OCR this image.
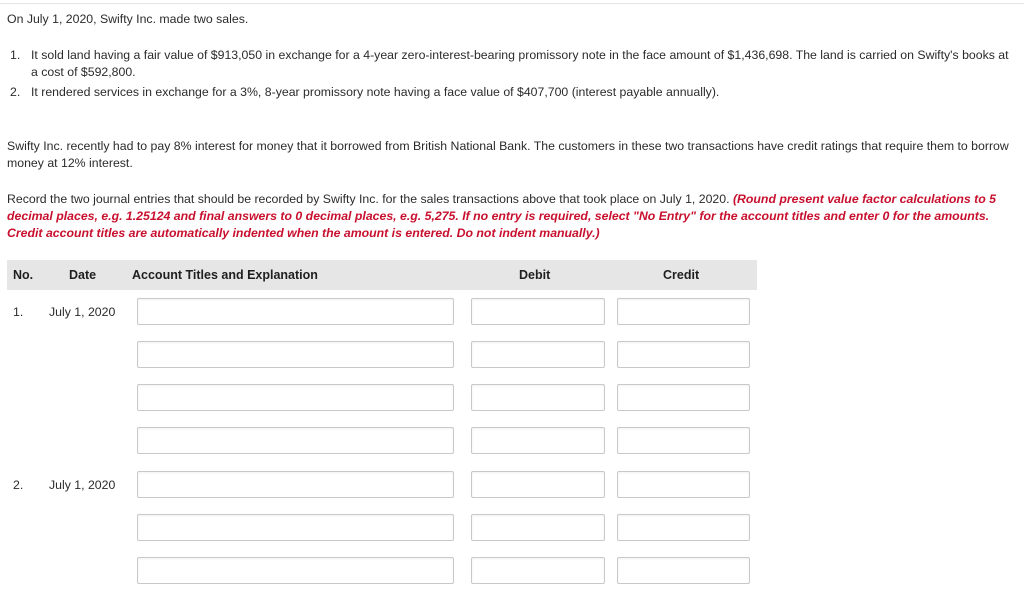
On July 1, 2020, Swifty Inc. made two sales.
1. It sold land having a fair value of $913,050 in exchange for a 4-year zero-interest-bearing promissory note in the face amount of $1,436,698. The land is carried on Swifty's books at a cost of $592,800.
2. It rendered services in exchange for a 3%, 8-year promissory note having a face value of $407,700 (interest payable annually).
Swifty Inc. recently had to pay 8% interest for money that it borrowed from British National Bank. The customers in these two transactions have credit ratings that require them to borrow money at 12% interest.
Record the two journal entries that should be recorded by Swifty Inc. for the sales transactions above that took place on July 1, 2020. (Round present value factor calculations to 5 decimal places, e.g. 1.25124 and final answers to 0 decimal places, e.g. 5,275. If no entry is required, select "No Entry" for the account titles and enter 0 for the amounts. Credit account titles are automatically indented when the amount is entered. Do not indent manually.)
No.	Date	Account Titles and Explanation	Debit	Credit
1. July 1, 2020
2. July 1, 2020
